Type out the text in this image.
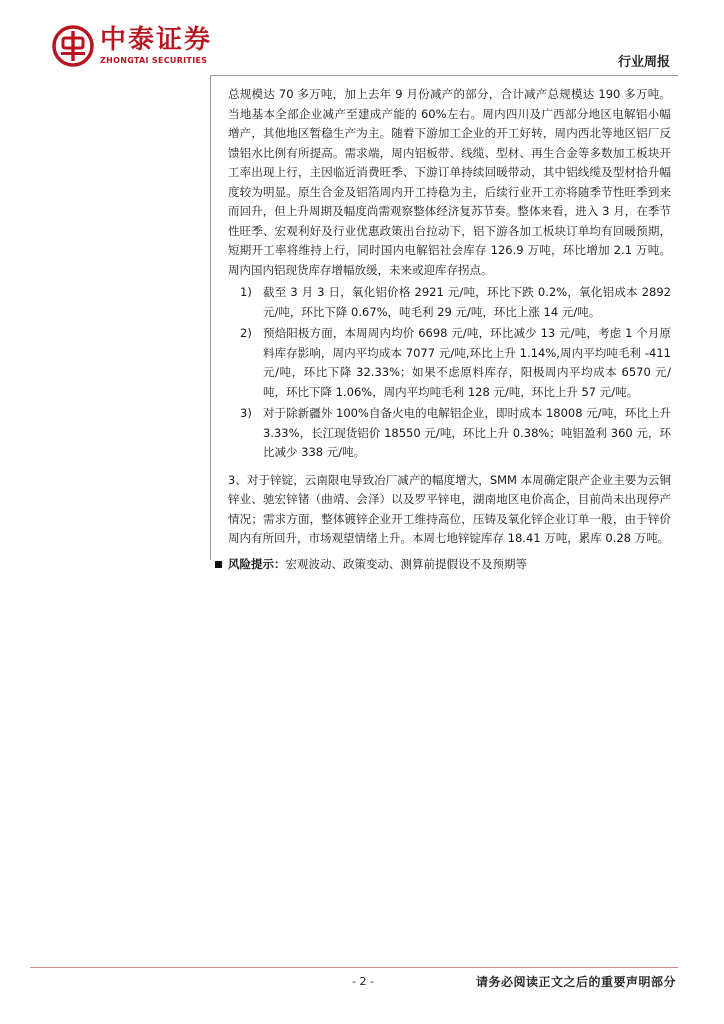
中泰证券
ZHONGTAI SECURITIES	行业周报

总规模达 70 多万吨，加上去年 9 月份减产的部分，合计减产总规模达 190 多万吨。当地基本全部企业减产至建成产能的 60%左右。周内四川及广西部分地区电解铝小幅增产，其他地区暂稳生产为主。随着下游加工企业的开工好转，周内西北等地区铝厂反馈铝水比例有所提高。需求端，周内铝板带、线缆、型材、再生合金等多数加工板块开工率出现上行，主因临近消费旺季、下游订单持续回暖带动，其中铝线缆及型材拾升幅度较为明显。原生合金及铝箔周内开工持稳为主，后续行业开工亦将随季节性旺季到来而回升，但上升周期及幅度尚需观察整体经济复苏节奏。整体来看，进入 3 月，在季节性旺季、宏观利好及行业优惠政策出台拉动下，铝下游各加工板块订单均有回暖预期，短期开工率将维持上行，同时国内电解铝社会库存 126.9 万吨，环比增加 2.1 万吨。周内国内铝现货库存增幅放缓，未来或迎库存拐点。

1) 截至 3 月 3 日，氧化铝价格 2921 元/吨，环比下跌 0.2%，氧化铝成本 2892 元/吨，环比下降 0.67%，吨毛利 29 元/吨，环比上涨 14 元/吨。
2) 预焙阳极方面，本周周内均价 6698 元/吨，环比减少 13 元/吨，考虑 1 个月原料库存影响，周内平均成本 7077 元/吨,环比上升 1.14%,周内平均吨毛利 -411 元/吨，环比下降 32.33%；如果不虑原料库存，阳极周内平均成本 6570 元/吨，环比下降 1.06%，周内平均吨毛利 128 元/吨，环比上升 57 元/吨。
3) 对于除新疆外 100%自备火电的电解铝企业，即时成本 18008 元/吨，环比上升 3.33%，长江现货铝价 18550 元/吨，环比上升 0.38%；吨铝盈利 360 元，环比减少 338 元/吨。

3、对于锌锭，云南限电导致冶厂减产的幅度增大，SMM 本周确定限产企业主要为云铜锌业、驰宏锌锗（曲靖、会泽）以及罗平锌电，湖南地区电价高企，目前尚未出现停产情况；需求方面，整体镀锌企业开工维持高位，压铸及氧化锌企业订单一般，由于锌价周内有所回升，市场观望情绪上升。本周七地锌锭库存 18.41 万吨，累库 0.28 万吨。

风险提示：宏观波动、政策变动、测算前提假设不及预期等
- 2 -	请务必阅读正文之后的重要声明部分
